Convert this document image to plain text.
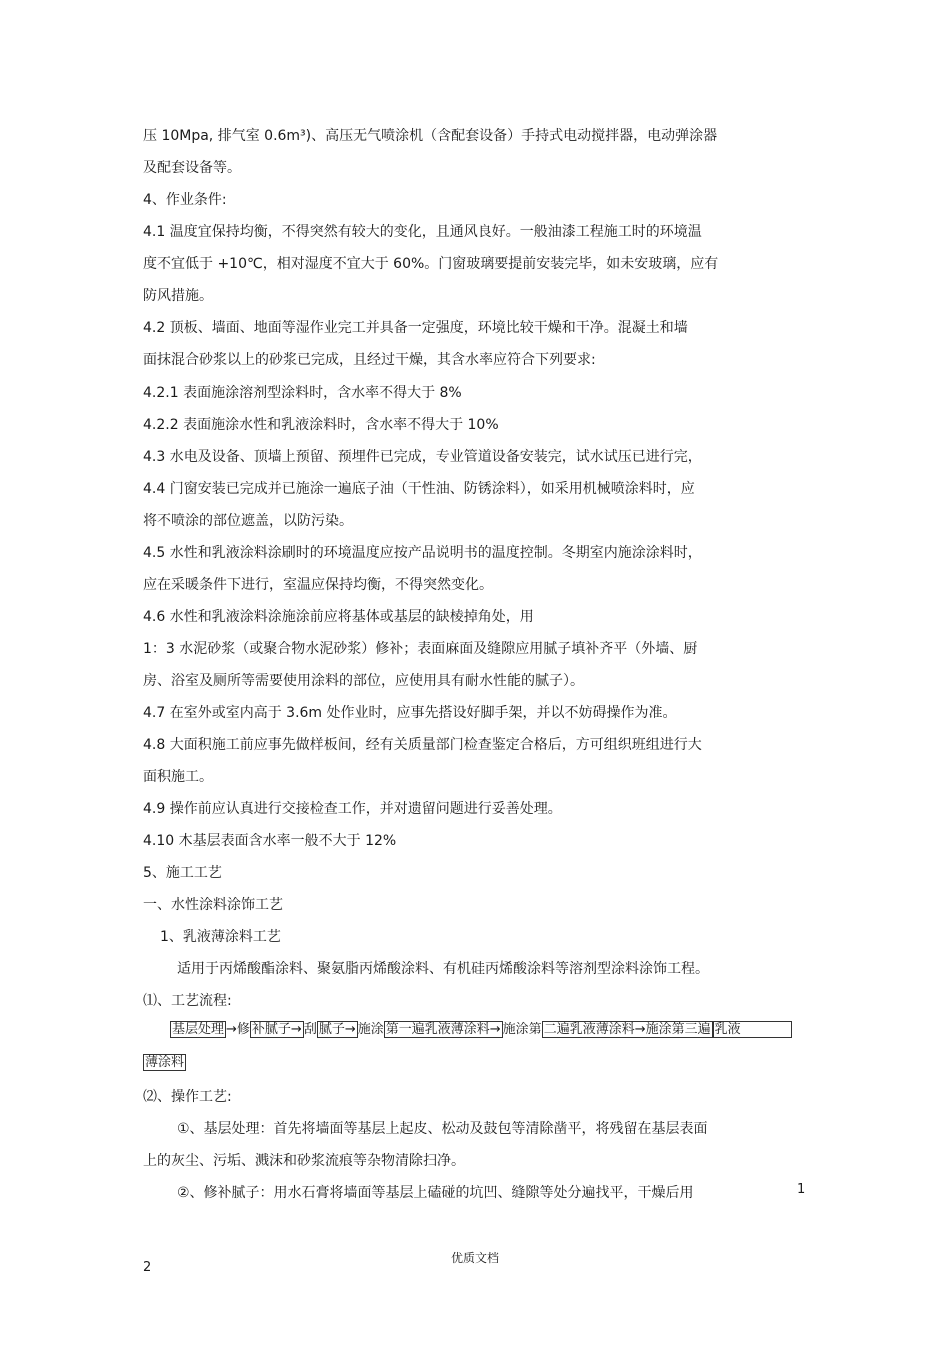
压 10Mpa, 排气室 0.6m³)、高压无气喷涂机（含配套设备）手持式电动搅拌器，电动弹涂器
及配套设备等。
4、作业条件:
4.1 温度宜保持均衡，不得突然有较大的变化，且通风良好。一般油漆工程施工时的环境温
度不宜低于 +10℃，相对湿度不宜大于 60%。门窗玻璃要提前安装完毕，如未安玻璃，应有
防风措施。
4.2 顶板、墙面、地面等湿作业完工并具备一定强度，环境比较干燥和干净。混凝土和墙
面抹混合砂浆以上的砂浆已完成，且经过干燥，其含水率应符合下列要求:
4.2.1 表面施涂溶剂型涂料时，含水率不得大于 8%
4.2.2 表面施涂水性和乳液涂料时，含水率不得大于 10%
4.3 水电及设备、顶墙上预留、预埋件已完成，专业管道设备安装完，试水试压已进行完，
4.4 门窗安装已完成并已施涂一遍底子油（干性油、防锈涂料），如采用机械喷涂料时，应
将不喷涂的部位遮盖，以防污染。
4.5 水性和乳液涂料涂刷时的环境温度应按产品说明书的温度控制。冬期室内施涂涂料时，
应在采暖条件下进行，室温应保持均衡，不得突然变化。
4.6 水性和乳液涂料涂施涂前应将基体或基层的缺棱掉角处，用
1：3 水泥砂浆（或聚合物水泥砂浆）修补；表面麻面及缝隙应用腻子填补齐平（外墙、厨
房、浴室及厕所等需要使用涂料的部位，应使用具有耐水性能的腻子）。
4.7 在室外或室内高于 3.6m 处作业时，应事先搭设好脚手架，并以不妨碍操作为准。
4.8 大面积施工前应事先做样板间，经有关质量部门检查鉴定合格后，方可组织班组进行大
面积施工。
4.9 操作前应认真进行交接检查工作，并对遗留问题进行妥善处理。
4.10 木基层表面含水率一般不大于 12%
5、施工工艺
一、水性涂料涂饰工艺
1、乳液薄涂料工艺
适用于丙烯酸酯涂料、聚氨脂丙烯酸涂料、有机硅丙烯酸涂料等溶剂型涂料涂饰工程。
⑴、工艺流程:
基层处理 →修 补腻子→ 刮 腻子→ 施涂 第一遍乳液薄涂料→ 施涂第 二遍乳液薄涂料→施涂第三遍 乳液
薄涂料
⑵、操作工艺:
①、基层处理：首先将墙面等基层上起皮、松动及鼓包等清除凿平，将残留在基层表面
上的灰尘、污垢、溅沫和砂浆流痕等杂物清除扫净。
②、修补腻子：用水石膏将墙面等基层上磕碰的坑凹、缝隙等处分遍找平，干燥后用	1
优质文档
2
